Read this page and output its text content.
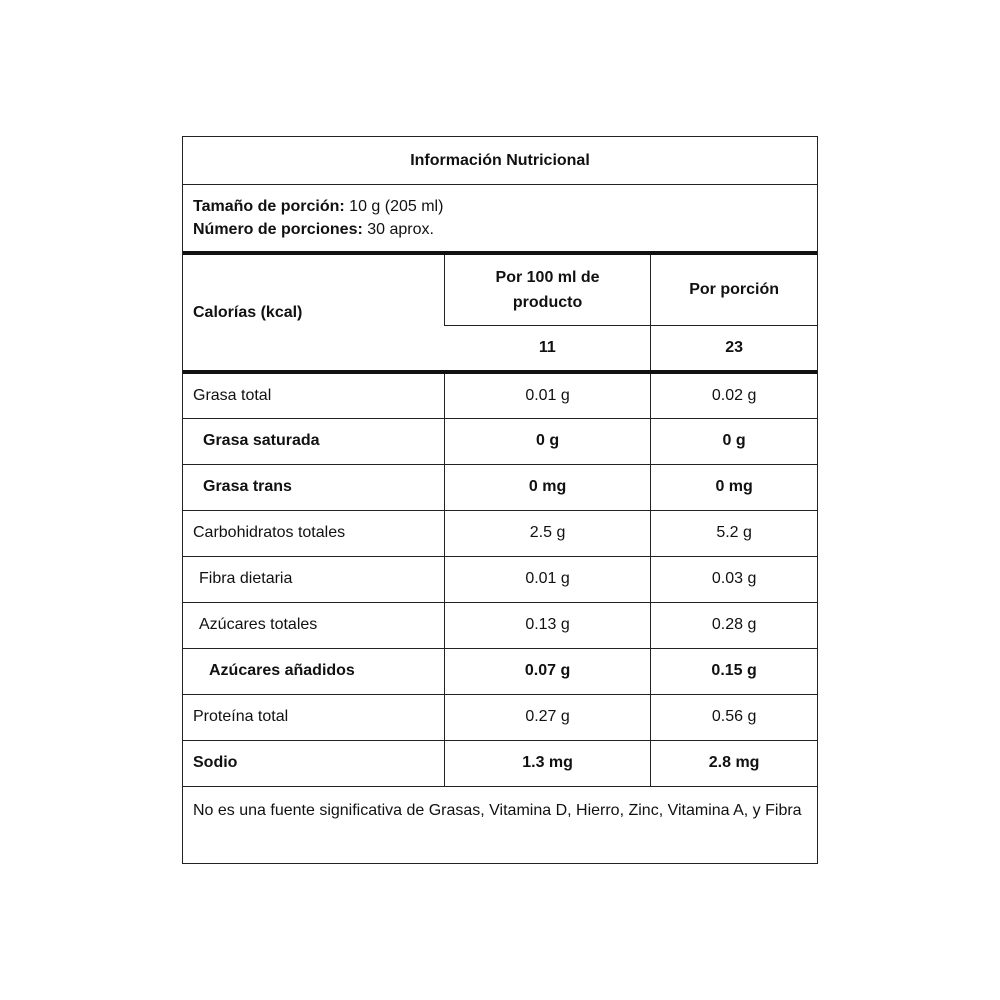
Información Nutricional
Tamaño de porción: 10 g (205 ml)
Número de porciones: 30 aprox.
Calorías (kcal)	Por 100 ml de producto	Por porción
	11	23
Grasa total	0.01 g	0.02 g
Grasa saturada	0 g	0 g
Grasa trans	0 mg	0 mg
Carbohidratos totales	2.5 g	5.2 g
Fibra dietaria	0.01 g	0.03 g
Azúcares totales	0.13 g	0.28 g
Azúcares añadidos	0.07 g	0.15 g
Proteína total	0.27 g	0.56 g
Sodio	1.3 mg	2.8 mg
No es una fuente significativa de Grasas, Vitamina D, Hierro, Zinc, Vitamina A, y Fibra
